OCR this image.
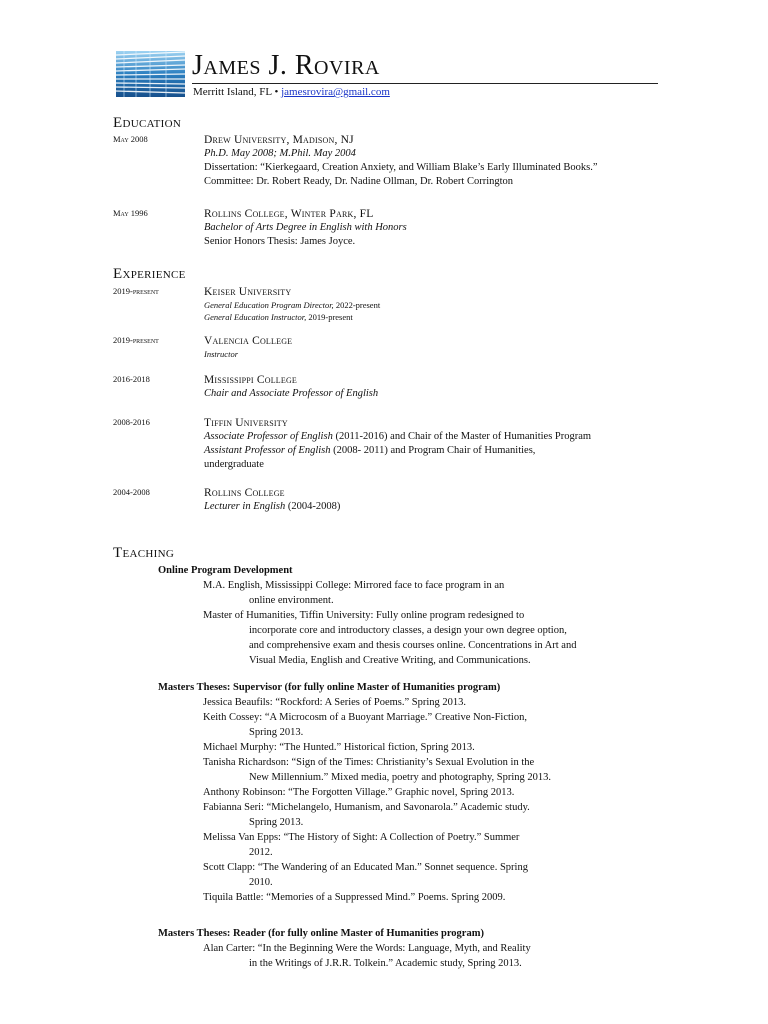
James J. Rovira
Merritt Island, FL • jamesrovira@gmail.com
Education
May 2008	Drew University, Madison, NJ
Ph.D. May 2008; M.Phil. May 2004
Dissertation: “Kierkegaard, Creation Anxiety, and William Blake’s Early Illuminated Books.”
Committee: Dr. Robert Ready, Dr. Nadine Ollman, Dr. Robert Corrington
May 1996	Rollins College, Winter Park, FL
Bachelor of Arts Degree in English with Honors
Senior Honors Thesis: James Joyce.
Experience
2019-present	Keiser University
General Education Program Director, 2022-present
General Education Instructor, 2019-present
2019-present	Valencia College
Instructor
2016-2018	Mississippi College
Chair and Associate Professor of English
2008-2016	Tiffin University
Associate Professor of English (2011-2016) and Chair of the Master of Humanities Program
Assistant Professor of English (2008- 2011) and Program Chair of Humanities,
undergraduate
2004-2008	Rollins College
Lecturer in English (2004-2008)
Teaching
Online Program Development
M.A. English, Mississippi College: Mirrored face to face program in an
online environment.
Master of Humanities, Tiffin University: Fully online program redesigned to
incorporate core and introductory classes, a design your own degree option,
and comprehensive exam and thesis courses online. Concentrations in Art and
Visual Media, English and Creative Writing, and Communications.
Masters Theses: Supervisor (for fully online Master of Humanities program)
Jessica Beaufils: “Rockford: A Series of Poems.” Spring 2013.
Keith Cossey: “A Microcosm of a Buoyant Marriage.” Creative Non-Fiction,
Spring 2013.
Michael Murphy: “The Hunted.” Historical fiction, Spring 2013.
Tanisha Richardson: “Sign of the Times: Christianity’s Sexual Evolution in the
New Millennium.” Mixed media, poetry and photography, Spring 2013.
Anthony Robinson: “The Forgotten Village.” Graphic novel, Spring 2013.
Fabianna Seri: “Michelangelo, Humanism, and Savonarola.” Academic study.
Spring 2013.
Melissa Van Epps: “The History of Sight: A Collection of Poetry.” Summer
2012.
Scott Clapp: “The Wandering of an Educated Man.” Sonnet sequence. Spring
2010.
Tiquila Battle: “Memories of a Suppressed Mind.” Poems. Spring 2009.
Masters Theses: Reader (for fully online Master of Humanities program)
Alan Carter: “In the Beginning Were the Words: Language, Myth, and Reality
in the Writings of J.R.R. Tolkein.” Academic study, Spring 2013.
